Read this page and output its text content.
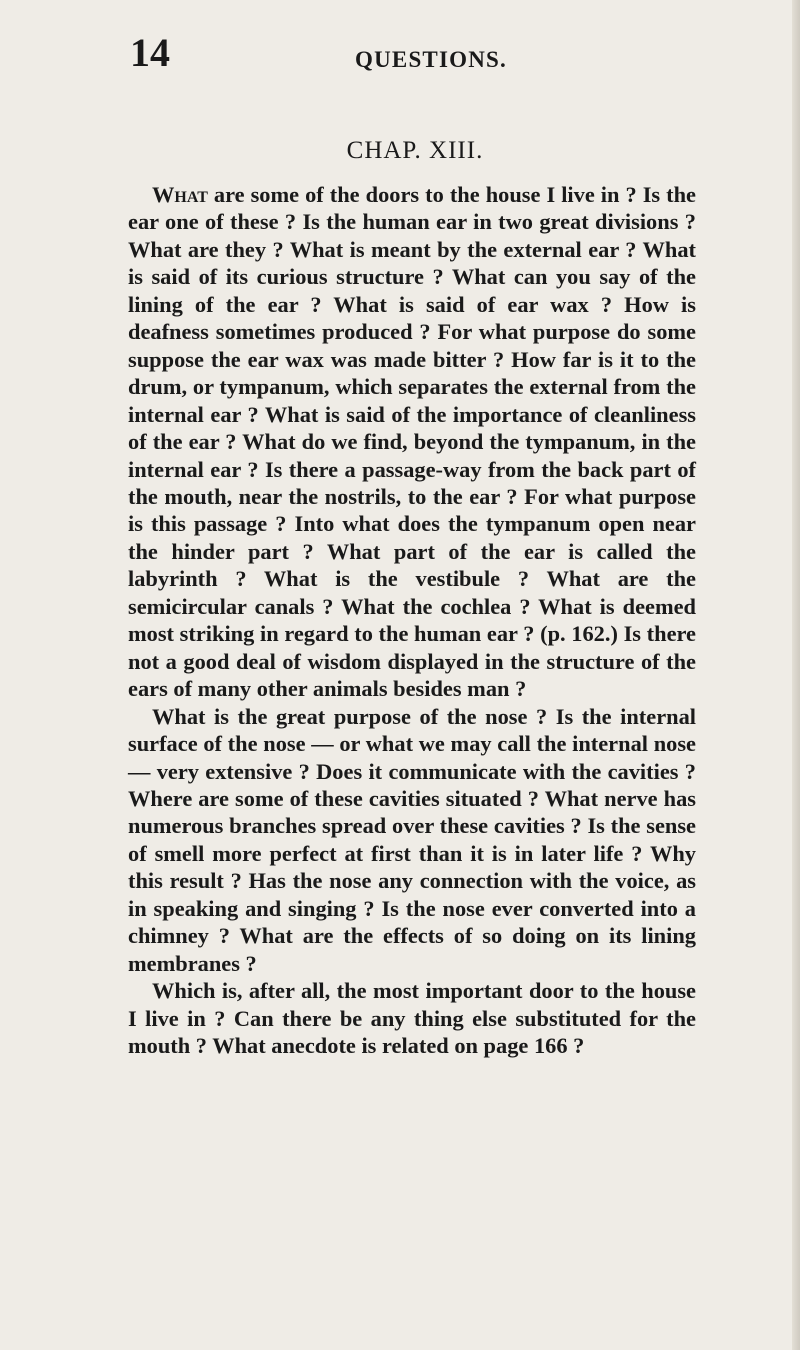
14	QUESTIONS.
CHAP. XIII.

What are some of the doors to the house I live in ? Is the ear one of these ? Is the human ear in two great divisions ? What are they ? What is meant by the external ear ? What is said of its curious structure ? What can you say of the lining of the ear ? What is said of ear wax ? How is deafness sometimes produced ? For what purpose do some suppose the ear wax was made bitter ? How far is it to the drum, or tympanum, which separates the external from the internal ear ? What is said of the importance of cleanliness of the ear ? What do we find, beyond the tympanum, in the internal ear ? Is there a passage-way from the back part of the mouth, near the nostrils, to the ear ? For what purpose is this passage ? Into what does the tympanum open near the hinder part ? What part of the ear is called the labyrinth ? What is the vestibule ? What are the semicircular canals ? What the cochlea ? What is deemed most striking in regard to the human ear ? (p. 162.) Is there not a good deal of wisdom displayed in the structure of the ears of many other animals besides man ?

What is the great purpose of the nose ? Is the internal surface of the nose — or what we may call the internal nose — very extensive ? Does it communicate with the cavities ? Where are some of these cavities situated ? What nerve has numerous branches spread over these cavities ? Is the sense of smell more perfect at first than it is in later life ? Why this result ? Has the nose any connection with the voice, as in speaking and singing ? Is the nose ever converted into a chimney ? What are the effects of so doing on its lining membranes ?

Which is, after all, the most important door to the house I live in ? Can there be any thing else substituted for the mouth ? What anecdote is related on page 166 ?
